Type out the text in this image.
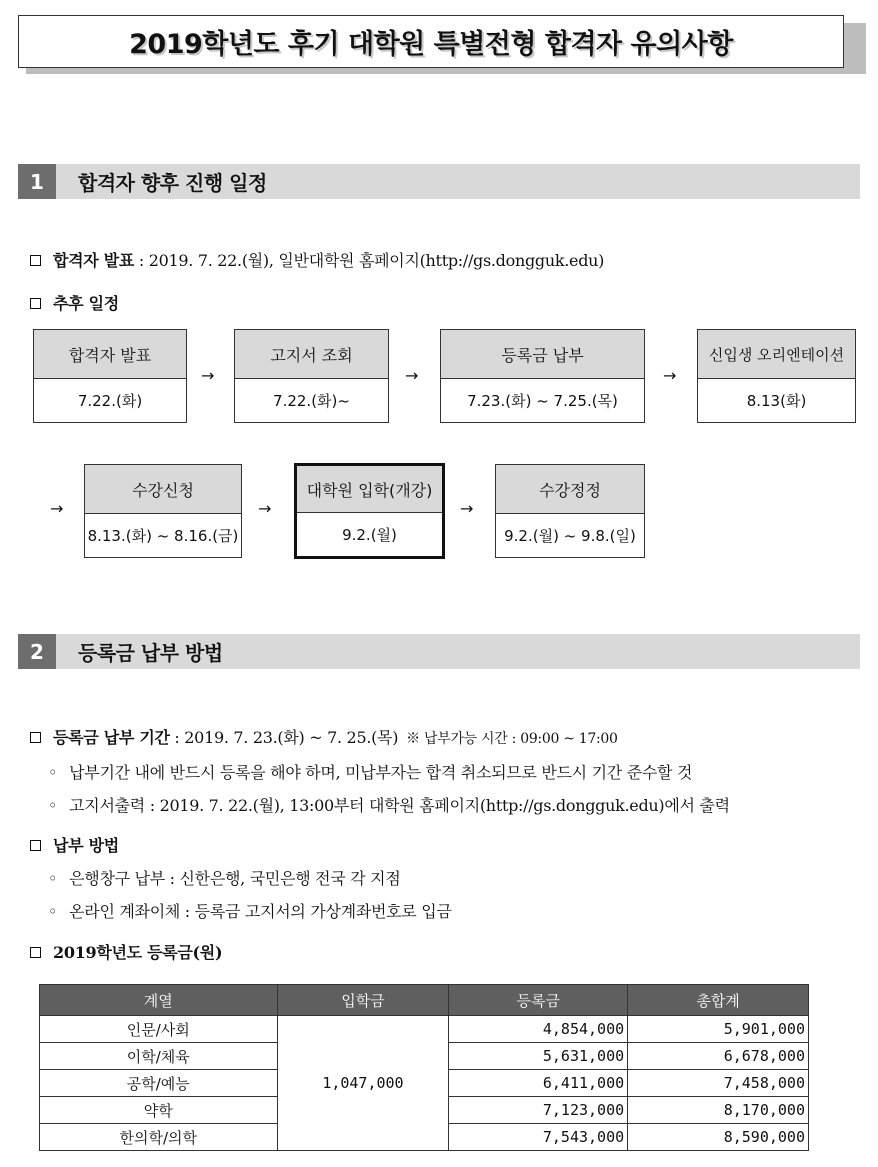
2019학년도 후기 대학원 특별전형 합격자 유의사항
1	합격자 향후 진행 일정
합격자 발표 : 2019. 7. 22.(월), 일반대학원 홈페이지(http://gs.dongguk.edu)
추후 일정
합격자 발표
7.22.(화)
→
고지서 조회
7.22.(화)~
→
등록금 납부
7.23.(화) ~ 7.25.(목)
→
신입생 오리엔테이션
8.13(화)
→
수강신청
8.13.(화) ~ 8.16.(금)
→
대학원 입학(개강)
9.2.(월)
→
수강정정
9.2.(월) ~ 9.8.(일)
2	등록금 납부 방법
등록금 납부 기간 : 2019. 7. 23.(화) ~ 7. 25.(목) ※ 납부가능 시간 : 09:00 ~ 17:00
◦ 납부기간 내에 반드시 등록을 해야 하며, 미납부자는 합격 취소되므로 반드시 기간 준수할 것
◦ 고지서출력 : 2019. 7. 22.(월), 13:00부터 대학원 홈페이지(http://gs.dongguk.edu)에서 출력
납부 방법
◦ 은행창구 납부 : 신한은행, 국민은행 전국 각 지점
◦ 온라인 계좌이체 : 등록금 고지서의 가상계좌번호로 입금
2019학년도 등록금(원)
계열	입학금	등록금	총합계
인문/사회	1,047,000	4,854,000	5,901,000
이학/체육		5,631,000	6,678,000
공학/예능		6,411,000	7,458,000
약학		7,123,000	8,170,000
한의학/의학		7,543,000	8,590,000
